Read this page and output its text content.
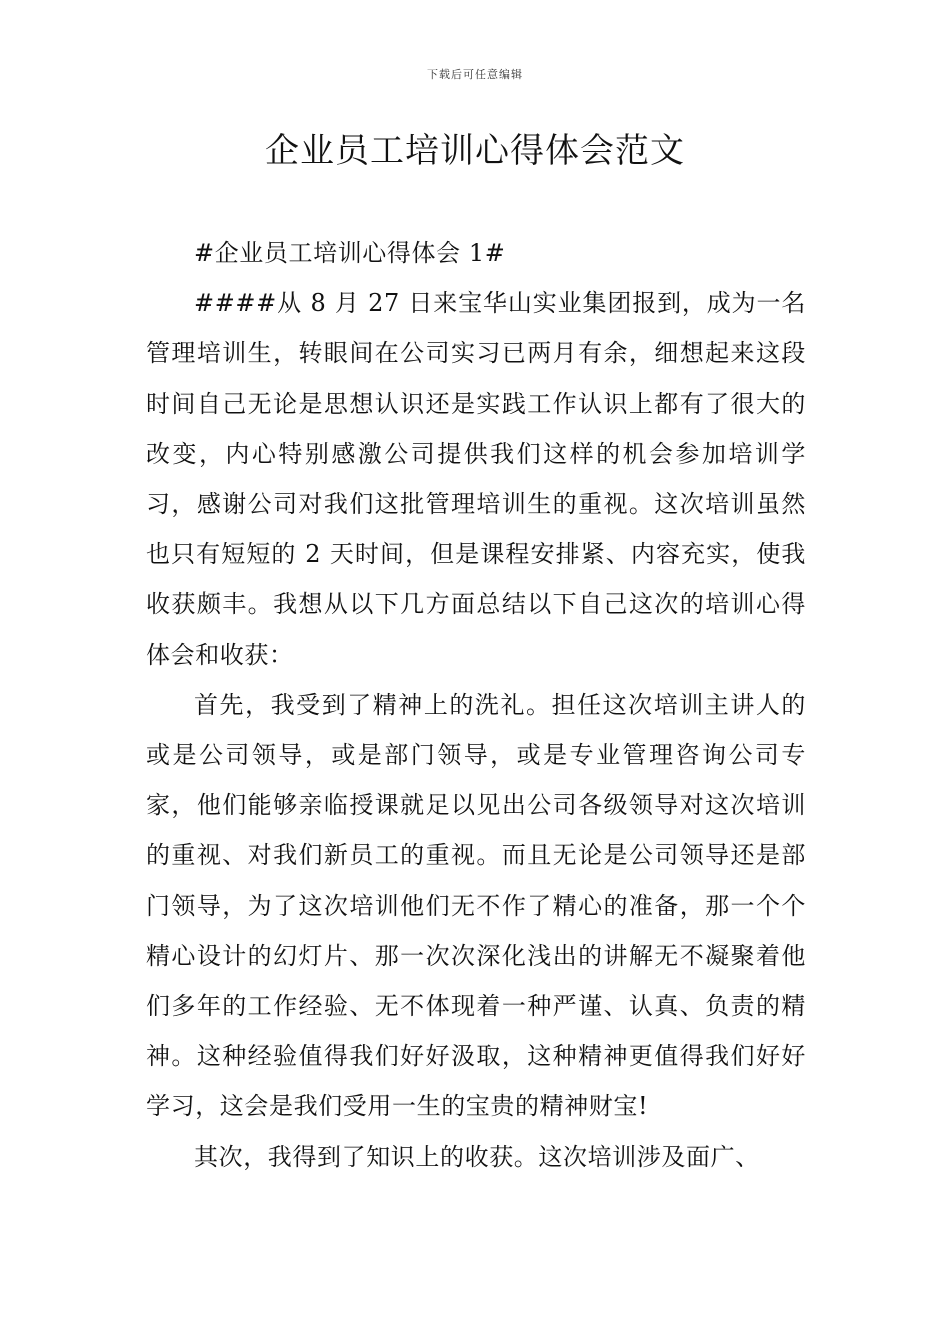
下载后可任意编辑
企业员工培训心得体会范文

#企业员工培训心得体会 1#

####从 8 月 27 日来宝华山实业集团报到，成为一名管理培训生，转眼间在公司实习已两月有余，细想起来这段时间自己无论是思想认识还是实践工作认识上都有了很大的改变，内心特别感激公司提供我们这样的机会参加培训学习，感谢公司对我们这批管理培训生的重视。这次培训虽然也只有短短的 2 天时间，但是课程安排紧、内容充实，使我收获颇丰。我想从以下几方面总结以下自己这次的培训心得体会和收获：

首先，我受到了精神上的洗礼。担任这次培训主讲人的或是公司领导，或是部门领导，或是专业管理咨询公司专家，他们能够亲临授课就足以见出公司各级领导对这次培训的重视、对我们新员工的重视。而且无论是公司领导还是部门领导，为了这次培训他们无不作了精心的准备，那一个个精心设计的幻灯片、那一次次深化浅出的讲解无不凝聚着他们多年的工作经验、无不体现着一种严谨、认真、负责的精神。这种经验值得我们好好汲取，这种精神更值得我们好好学习，这会是我们受用一生的宝贵的精神财宝!

其次，我得到了知识上的收获。这次培训涉及面广、
